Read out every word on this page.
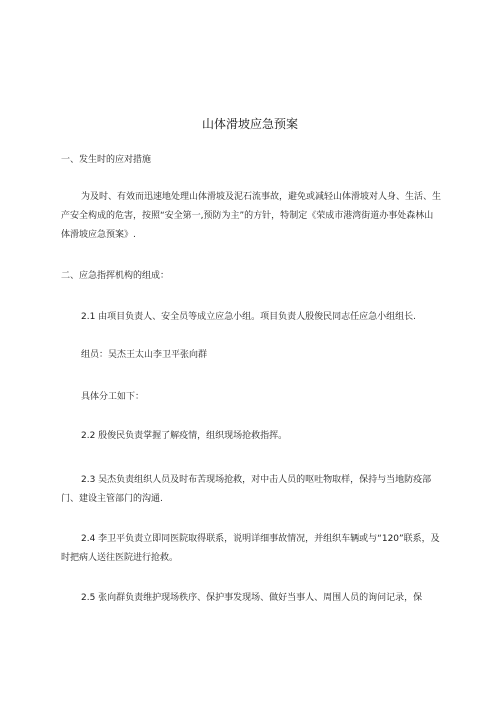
山体滑坡应急预案
一、发生时的应对措施
为及时、有效而迅速地处理山体滑坡及泥石流事故，避免或减轻山体滑坡对人身、生活、生产安全构成的危害，按照“安全第一,预防为主”的方针，特制定《荣成市港湾街道办事处森林山体滑坡应急预案》.
二、应急指挥机构的组成：
2.1 由项目负责人、安全员等成立应急小组。项目负责人殷俊民同志任应急小组组长.
组员：吴杰王太山李卫平张向群
具体分工如下：
2.2 殷俊民负责掌握了解疫情，组织现场抢救指挥。
2.3 吴杰负责组织人员及时布苦现场抢救，对中击人员的呕吐物取样，保持与当地防疫部门、建设主管部门的沟通.
2.4 李卫平负责立即同医院取得联系，说明详细事故情况，并组织车辆或与“120”联系，及时把病人送往医院进行抢救。
2.5 张向群负责维护现场秩序、保护事发现场、做好当事人、周围人员的询问记录，保
